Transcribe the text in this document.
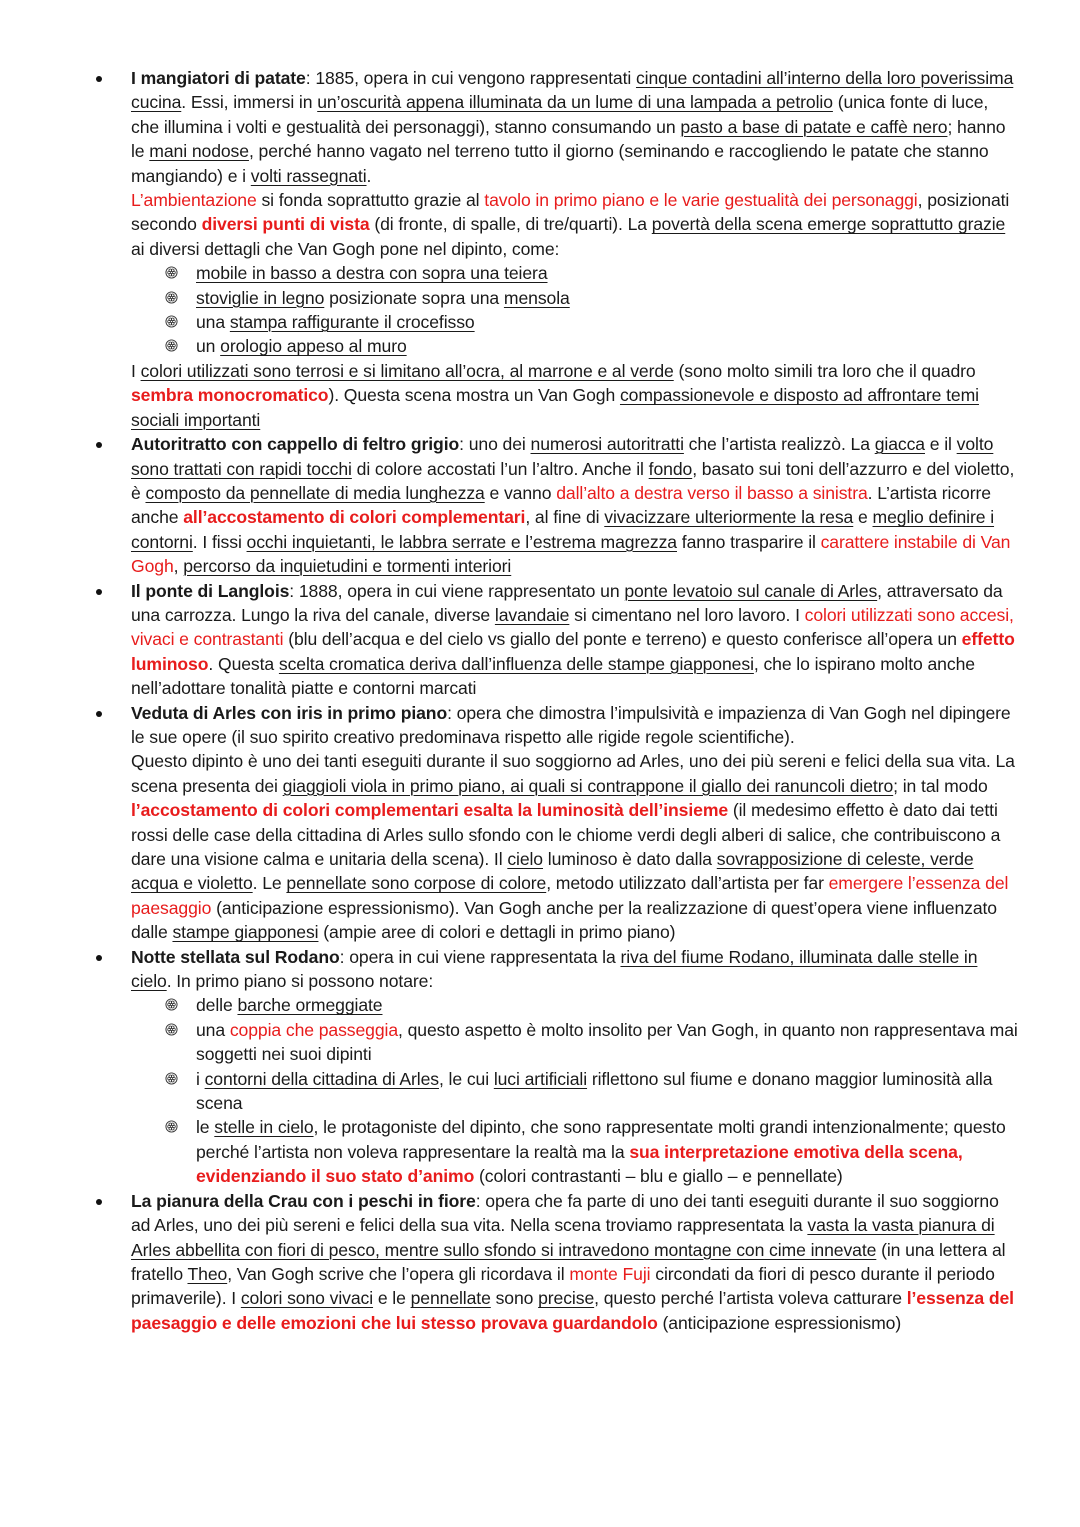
I mangiatori di patate: 1885, opera in cui vengono rappresentati cinque contadini all’interno della loro poverissima cucina. Essi, immersi in un’oscurità appena illuminata da un lume di una lampada a petrolio (unica fonte di luce, che illumina i volti e gestualità dei personaggi), stanno consumando un pasto a base di patate e caffè nero; hanno le mani nodose, perché hanno vagato nel terreno tutto il giorno (seminando e raccogliendo le patate che stanno mangiando) e i volti rassegnati.
L’ambientazione si fonda soprattutto grazie al tavolo in primo piano e le varie gestualità dei personaggi, posizionati secondo diversi punti di vista (di fronte, di spalle, di tre/quarti). La povertà della scena emerge soprattutto grazie ai diversi dettagli che Van Gogh pone nel dipinto, come:
mobile in basso a destra con sopra una teiera
stoviglie in legno posizionate sopra una mensola
una stampa raffigurante il crocefisso
un orologio appeso al muro
I colori utilizzati sono terrosi e si limitano all’ocra, al marrone e al verde (sono molto simili tra loro che il quadro sembra monocromatico). Questa scena mostra un Van Gogh compassionevole e disposto ad affrontare temi sociali importanti
Autoritratto con cappello di feltro grigio: uno dei numerosi autoritratti che l’artista realizzò. La giacca e il volto sono trattati con rapidi tocchi di colore accostati l’un l’altro. Anche il fondo, basato sui toni dell’azzurro e del violetto, è composto da pennellate di media lunghezza e vanno dall’alto a destra verso il basso a sinistra. L’artista ricorre anche all’accostamento di colori complementari, al fine di vivacizzare ulteriormente la resa e meglio definire i contorni. I fissi occhi inquietanti, le labbra serrate e l’estrema magrezza fanno trasparire il carattere instabile di Van Gogh, percorso da inquietudini e tormenti interiori
Il ponte di Langlois: 1888, opera in cui viene rappresentato un ponte levatoio sul canale di Arles, attraversato da una carrozza. Lungo la riva del canale, diverse lavandaie si cimentano nel loro lavoro. I colori utilizzati sono accesi, vivaci e contrastanti (blu dell’acqua e del cielo vs giallo del ponte e terreno) e questo conferisce all’opera un effetto luminoso. Questa scelta cromatica deriva dall’influenza delle stampe giapponesi, che lo ispirano molto anche nell’adottare tonalità piatte e contorni marcati
Veduta di Arles con iris in primo piano: opera che dimostra l’impulsività e impazienza di Van Gogh nel dipingere le sue opere (il suo spirito creativo predominava rispetto alle rigide regole scientifiche).
Questo dipinto è uno dei tanti eseguiti durante il suo soggiorno ad Arles, uno dei più sereni e felici della sua vita. La scena presenta dei giaggioli viola in primo piano, ai quali si contrappone il giallo dei ranuncoli dietro; in tal modo l’accostamento di colori complementari esalta la luminosità dell’insieme (il medesimo effetto è dato dai tetti rossi delle case della cittadina di Arles sullo sfondo con le chiome verdi degli alberi di salice, che contribuiscono a dare una visione calma e unitaria della scena). Il cielo luminoso è dato dalla sovrapposizione di celeste, verde acqua e violetto. Le pennellate sono corpose di colore, metodo utilizzato dall’artista per far emergere l’essenza del paesaggio (anticipazione espressionismo). Van Gogh anche per la realizzazione di quest’opera viene influenzato dalle stampe giapponesi (ampie aree di colori e dettagli in primo piano)
Notte stellata sul Rodano: opera in cui viene rappresentata la riva del fiume Rodano, illuminata dalle stelle in cielo. In primo piano si possono notare:
delle barche ormeggiate
una coppia che passeggia, questo aspetto è molto insolito per Van Gogh, in quanto non rappresentava mai soggetti nei suoi dipinti
i contorni della cittadina di Arles, le cui luci artificiali riflettono sul fiume e donano maggior luminosità alla scena
le stelle in cielo, le protagoniste del dipinto, che sono rappresentate molti grandi intenzionalmente; questo perché l’artista non voleva rappresentare la realtà ma la sua interpretazione emotiva della scena, evidenziando il suo stato d’animo (colori contrastanti – blu e giallo – e pennellate)
La pianura della Crau con i peschi in fiore: opera che fa parte di uno dei tanti eseguiti durante il suo soggiorno ad Arles, uno dei più sereni e felici della sua vita. Nella scena troviamo rappresentata la vasta la vasta pianura di Arles abbellita con fiori di pesco, mentre sullo sfondo si intravedono montagne con cime innevate (in una lettera al fratello Theo, Van Gogh scrive che l’opera gli ricordava il monte Fuji circondati da fiori di pesco durante il periodo primaverile). I colori sono vivaci e le pennellate sono precise, questo perché l’artista voleva catturare l’essenza del paesaggio e delle emozioni che lui stesso provava guardandolo (anticipazione espressionismo)
